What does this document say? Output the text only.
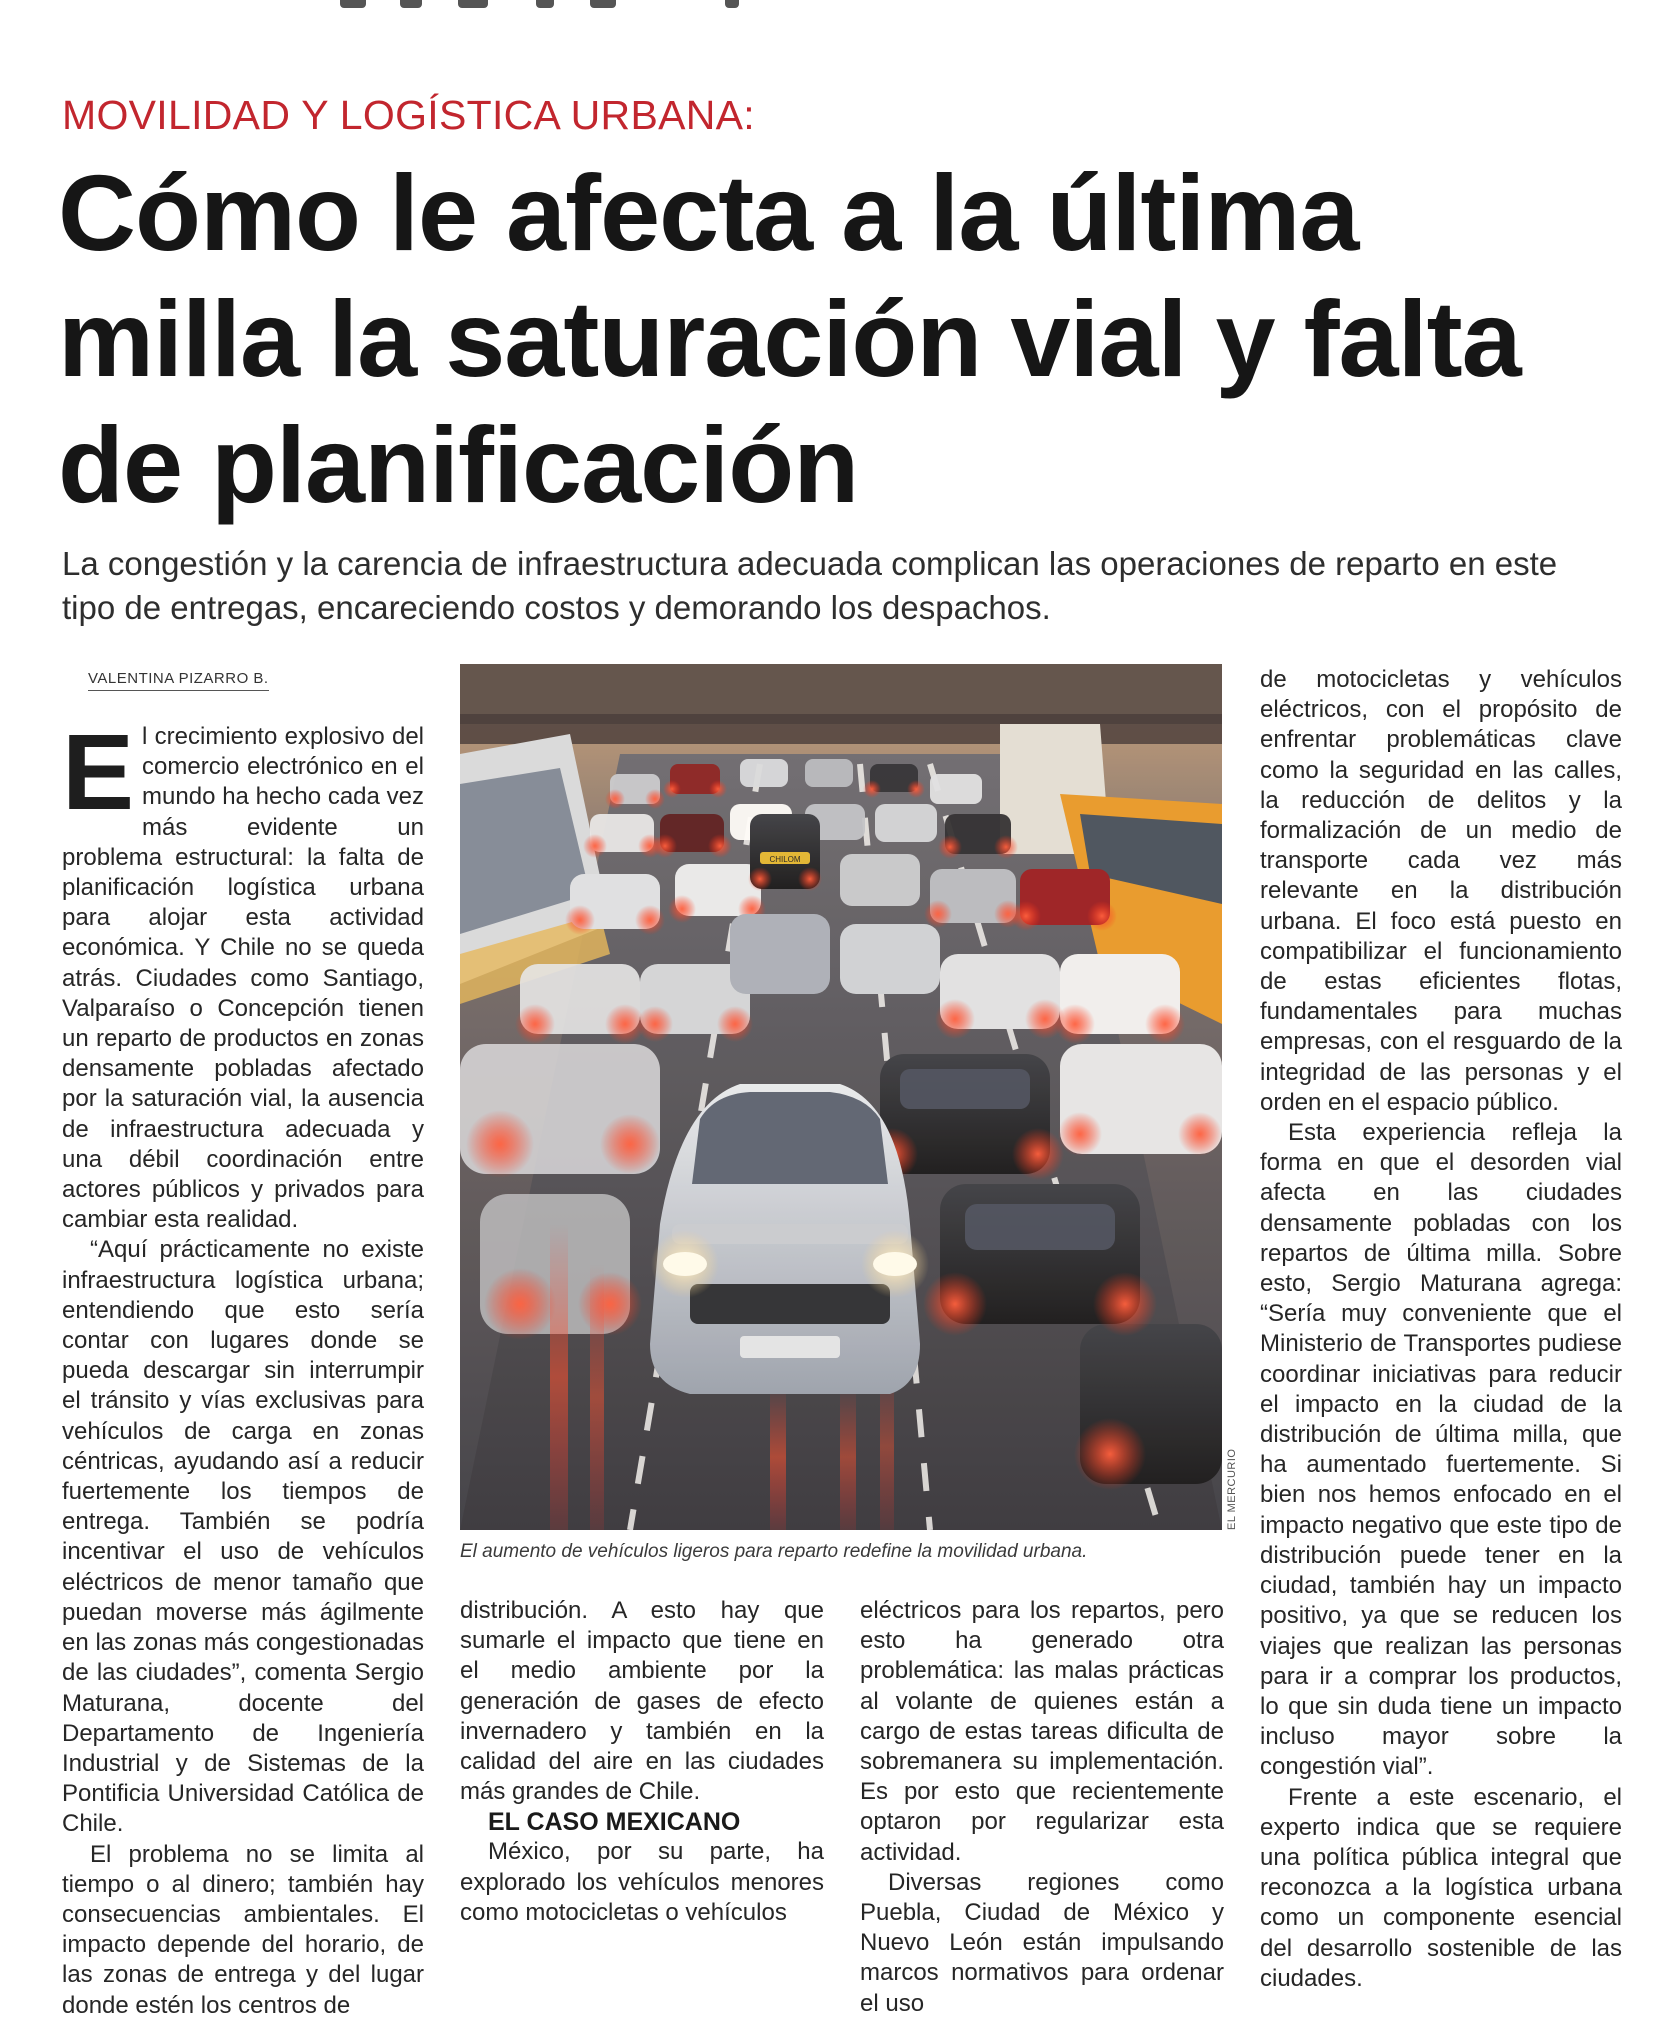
MOVILIDAD Y LOGÍSTICA URBANA:
Cómo le afecta a la última milla la saturación vial y falta de planificación

La congestión y la carencia de infraestructura adecuada complican las operaciones de reparto en este tipo de entregas, encareciendo costos y demorando los despachos.

VALENTINA PIZARRO B.

El crecimiento explosivo del comercio electrónico en el mundo ha hecho cada vez más evidente un problema estructural: la falta de planificación logística urbana para alojar esta actividad económica. Y Chile no se queda atrás. Ciudades como Santiago, Valparaíso o Concepción tienen un reparto de productos en zonas densamente pobladas afectado por la saturación vial, la ausencia de infraestructura adecuada y una débil coordinación entre actores públicos y privados para cambiar esta realidad.

“Aquí prácticamente no existe infraestructura logística urbana; entendiendo que esto sería contar con lugares donde se pueda descargar sin interrumpir el tránsito y vías exclusivas para vehículos de carga en zonas céntricas, ayudando así a reducir fuertemente los tiempos de entrega. También se podría incentivar el uso de vehículos eléctricos de menor tamaño que puedan moverse más ágilmente en las zonas más congestionadas de las ciudades”, comenta Sergio Maturana, docente del Departamento de Ingeniería Industrial y de Sistemas de la Pontificia Universidad Católica de Chile.

El problema no se limita al tiempo o al dinero; también hay consecuencias ambientales. El impacto depende del horario, de las zonas de entrega y del lugar donde estén los centros de

CHILOM
EL MERCURIO
El aumento de vehículos ligeros para reparto redefine la movilidad urbana.

distribución. A esto hay que sumarle el impacto que tiene en el medio ambiente por la generación de gases de efecto invernadero y también en la calidad del aire en las ciudades más grandes de Chile.

EL CASO MEXICANO

México, por su parte, ha explorado los vehículos menores como motocicletas o vehículos

eléctricos para los repartos, pero esto ha generado otra problemática: las malas prácticas al volante de quienes están a cargo de estas tareas dificulta de sobremanera su implementación. Es por esto que recientemente optaron por regularizar esta actividad.

Diversas regiones como Puebla, Ciudad de México y Nuevo León están impulsando marcos normativos para ordenar el uso

de motocicletas y vehículos eléctricos, con el propósito de enfrentar problemáticas clave como la seguridad en las calles, la reducción de delitos y la formalización de un medio de transporte cada vez más relevante en la distribución urbana. El foco está puesto en compatibilizar el funcionamiento de estas eficientes flotas, fundamentales para muchas empresas, con el resguardo de la integridad de las personas y el orden en el espacio público.

Esta experiencia refleja la forma en que el desorden vial afecta en las ciudades densamente pobladas con los repartos de última milla. Sobre esto, Sergio Maturana agrega: “Sería muy conveniente que el Ministerio de Transportes pudiese coordinar iniciativas para reducir el impacto en la ciudad de la distribución de última milla, que ha aumentado fuertemente. Si bien nos hemos enfocado en el impacto negativo que este tipo de distribución puede tener en la ciudad, también hay un impacto positivo, ya que se reducen los viajes que realizan las personas para ir a comprar los productos, lo que sin duda tiene un impacto incluso mayor sobre la congestión vial”.

Frente a este escenario, el experto indica que se requiere una política pública integral que reconozca a la logística urbana como un componente esencial del desarrollo sostenible de las ciudades.
